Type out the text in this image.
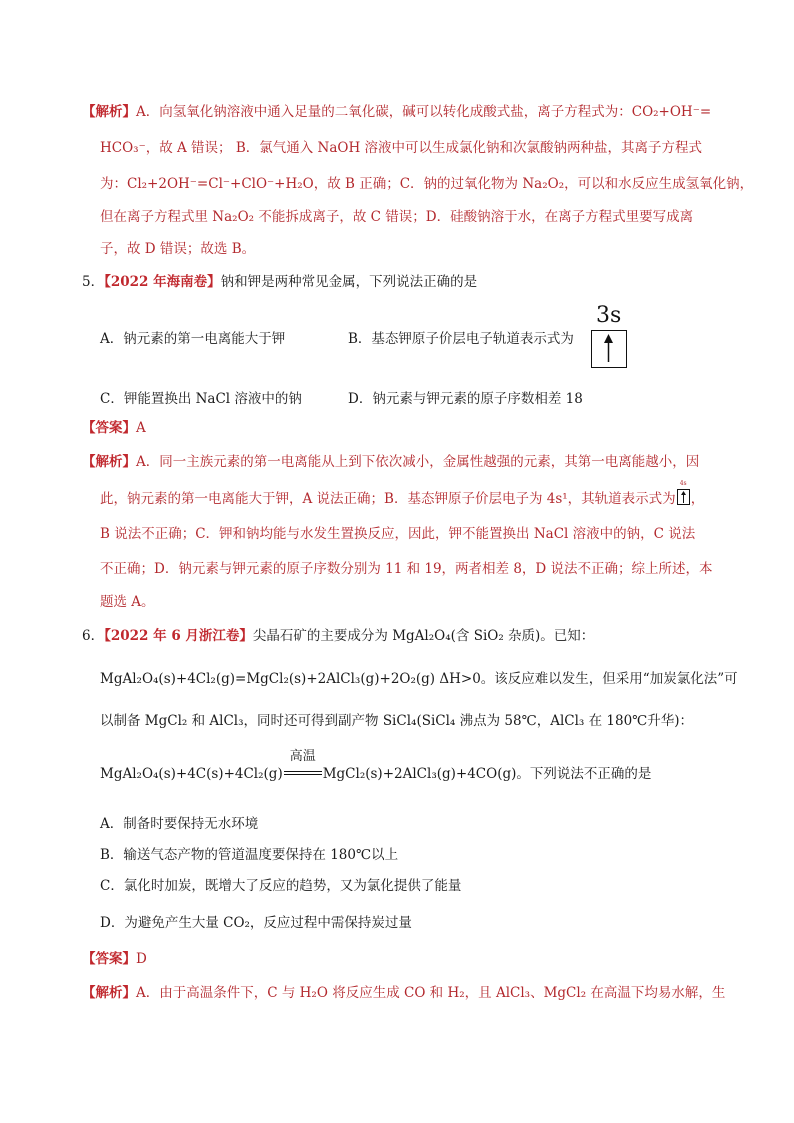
【解析】A．向氢氧化钠溶液中通入足量的二氧化碳，碱可以转化成酸式盐，离子方程式为：CO₂+OH⁻=
HCO₃⁻，故 A 错误； B．氯气通入 NaOH 溶液中可以生成氯化钠和次氯酸钠两种盐，其离子方程式
为：Cl₂+2OH⁻=Cl⁻+ClO⁻+H₂O，故 B 正确；C．钠的过氧化物为 Na₂O₂，可以和水反应生成氢氧化钠，
但在离子方程式里 Na₂O₂ 不能拆成离子，故 C 错误；D．硅酸钠溶于水，在离子方程式里要写成离
子，故 D 错误；故选 B。
5．【2022 年海南卷】钠和钾是两种常见金属，下列说法正确的是
A．钠元素的第一电离能大于钾	B．基态钾原子价层电子轨道表示式为
3s
C．钾能置换出 NaCl 溶液中的钠	D．钠元素与钾元素的原子序数相差 18
【答案】A
【解析】A．同一主族元素的第一电离能从上到下依次减小，金属性越强的元素，其第一电离能越小，因
此，钠元素的第一电离能大于钾，A 说法正确；B．基态钾原子价层电子为 4s¹，其轨道表示式为
4s
，
B 说法不正确；C．钾和钠均能与水发生置换反应，因此，钾不能置换出 NaCl 溶液中的钠，C 说法
不正确；D．钠元素与钾元素的原子序数分别为 11 和 19，两者相差 8，D 说法不正确；综上所述，本
题选 A。
6．【2022 年 6 月浙江卷】尖晶石矿的主要成分为 MgAl₂O₄(含 SiO₂ 杂质)。已知：
MgAl₂O₄(s)+4Cl₂(g)=MgCl₂(s)+2AlCl₃(g)+2O₂(g) ΔH>0。该反应难以发生，但采用“加炭氯化法”可
以制备 MgCl₂ 和 AlCl₃，同时还可得到副产物 SiCl₄(SiCl₄ 沸点为 58℃，AlCl₃ 在 180℃升华)：
MgAl₂O₄(s)+4C(s)+4Cl₂(g)
高温
MgCl₂(s)+2AlCl₃(g)+4CO(g)。下列说法不正确的是
A．制备时要保持无水环境
B．输送气态产物的管道温度要保持在 180℃以上
C．氯化时加炭，既增大了反应的趋势，又为氯化提供了能量
D．为避免产生大量 CO₂，反应过程中需保持炭过量
【答案】D
【解析】A．由于高温条件下，C 与 H₂O 将反应生成 CO 和 H₂，且 AlCl₃、MgCl₂ 在高温下均易水解，生
